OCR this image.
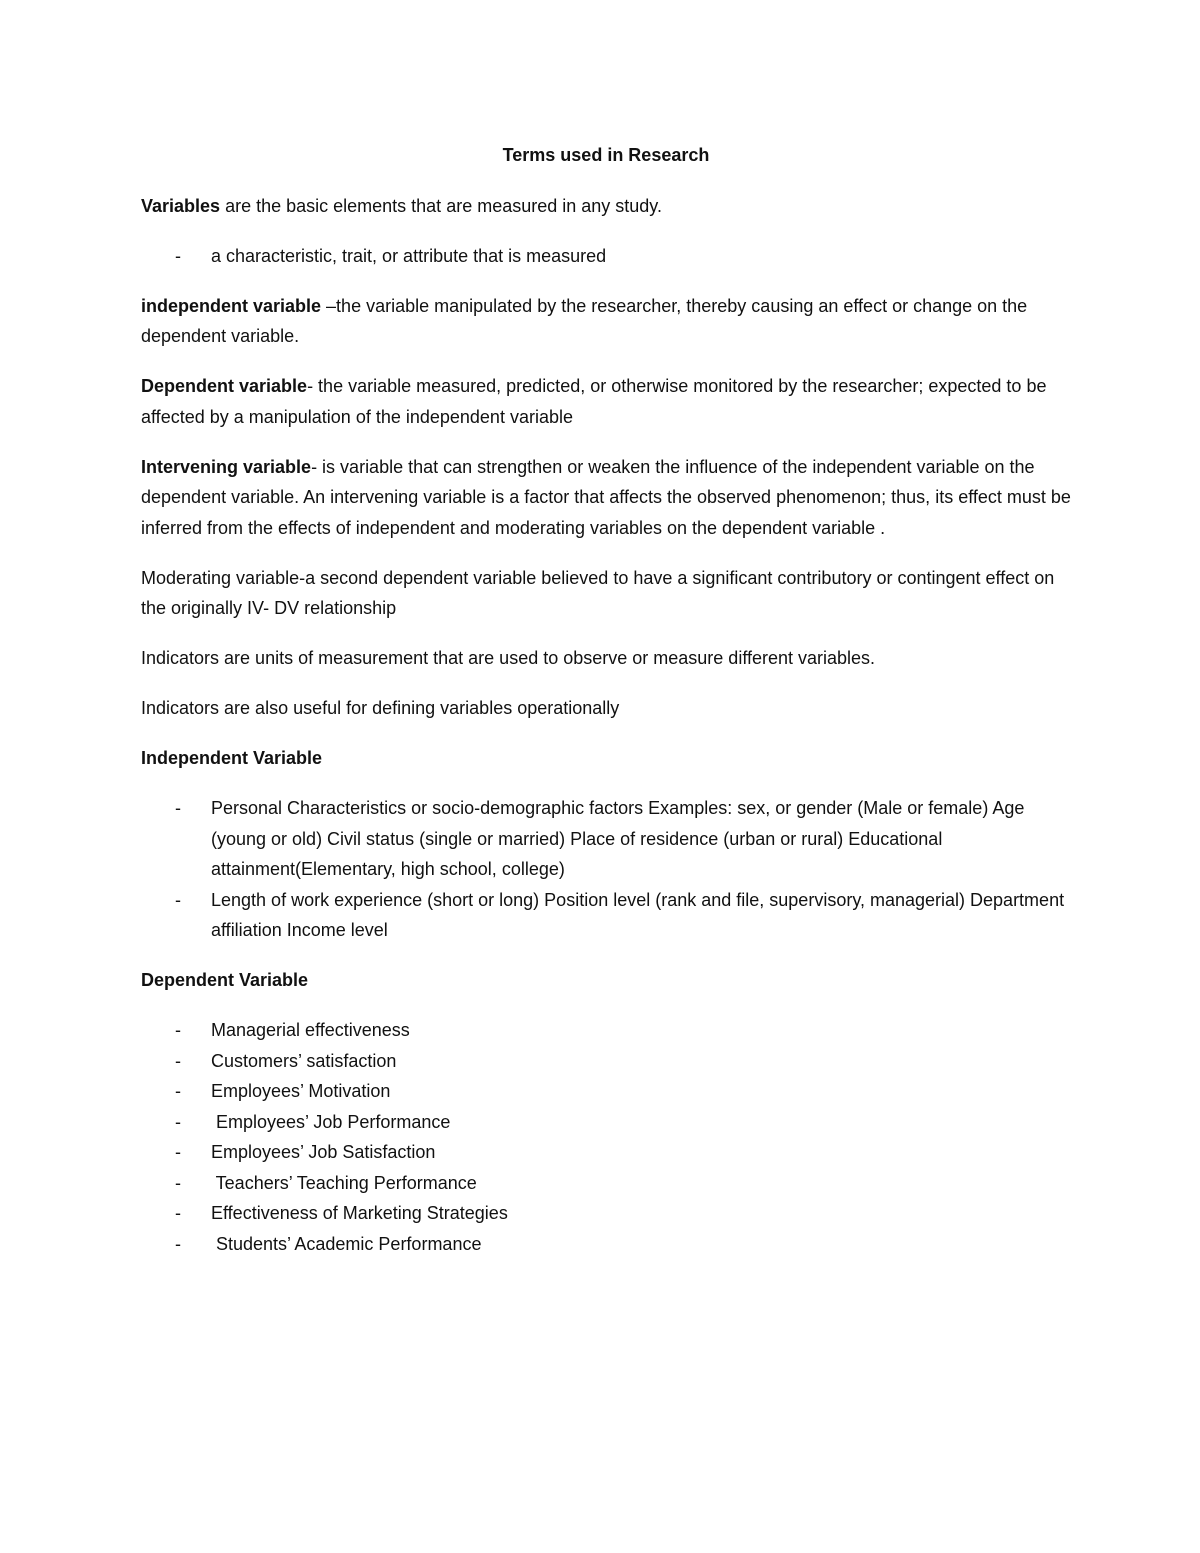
Terms used in Research

Variables are the basic elements that are measured in any study.

- a characteristic, trait, or attribute that is measured

independent variable –the variable manipulated by the researcher, thereby causing an effect or change on the dependent variable.

Dependent variable- the variable measured, predicted, or otherwise monitored by the researcher; expected to be affected by a manipulation of the independent variable

Intervening variable- is variable that can strengthen or weaken the influence of the independent variable on the dependent variable. An intervening variable is a factor that affects the observed phenomenon; thus, its effect must be inferred from the effects of independent and moderating variables on the dependent variable .

Moderating variable-a second dependent variable believed to have a significant contributory or contingent effect on the originally IV- DV relationship

Indicators are units of measurement that are used to observe or measure different variables.

Indicators are also useful for defining variables operationally

Independent Variable

- Personal Characteristics or socio-demographic factors Examples: sex, or gender (Male or female) Age (young or old) Civil status (single or married) Place of residence (urban or rural) Educational attainment(Elementary, high school, college)
- Length of work experience (short or long) Position level (rank and file, supervisory, managerial) Department affiliation Income level

Dependent Variable

- Managerial effectiveness
- Customers’ satisfaction
- Employees’ Motivation
- Employees’ Job Performance
- Employees’ Job Satisfaction
- Teachers’ Teaching Performance
- Effectiveness of Marketing Strategies
- Students’ Academic Performance
